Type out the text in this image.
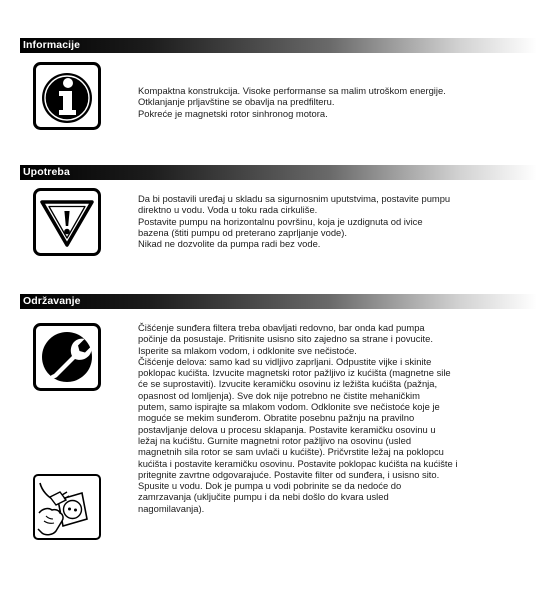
Informacije

Kompaktna konstrukcija. Visoke performanse sa malim utroškom energije.
Otklanjanje prljavštine se obavlja na predfilteru.
Pokreće je magnetski rotor sinhronog motora.

Upotreba

Da bi postavili uređaj u skladu sa sigurnosnim uputstvima, postavite pumpu
direktno u vodu. Voda u toku rada cirkuliše.
Postavite pumpu na horizontalnu površinu, koja je uzdignuta od ivice
bazena (štiti pumpu od preterano zaprljanje vode).
Nikad ne dozvolite da pumpa radi bez vode.

Održavanje

Čišćenje sunđera filtera treba obavljati redovno, bar onda kad pumpa
počinje da posustaje. Pritisnite usisno sito zajedno sa strane i povucite.
Isperite sa mlakom vodom, i odklonite sve nečistoće.
Čišćenje delova: samo kad su vidljivo zaprljani. Odpustite vijke i skinite
poklopac kućišta. Izvucite magnetski rotor pažljivo iz kućišta (magnetne sile
će se suprostaviti). Izvucite keramičku osovinu iz ležišta kućišta (pažnja,
opasnost od lomljenja). Sve dok nije potrebno ne čistite mehaničkim
putem, samo ispirajte sa mlakom vodom. Odklonite sve nečistoće koje je
moguće se mekim sunđerom. Obratite posebnu pažnju na pravilno
postavljanje delova u procesu sklapanja. Postavite keramičku osovinu u
ležaj na kućištu. Gurnite magnetni rotor pažljivo na osovinu (usled
magnetnih sila rotor se sam uvlači u kućište). Pričvrstite ležaj na poklopcu
kućišta i postavite keramičku osovinu. Postavite poklopac kućišta na kućište i
pritegnite zavrtne odgovarajuće. Postavite filter od sunđera, i usisno sito.
Spusite u vodu. Dok je pumpa u vodi pobrinite se da nedoće do
zamrzavanja (uključite pumpu i da nebi došlo do kvara usled
nagomilavanja).
